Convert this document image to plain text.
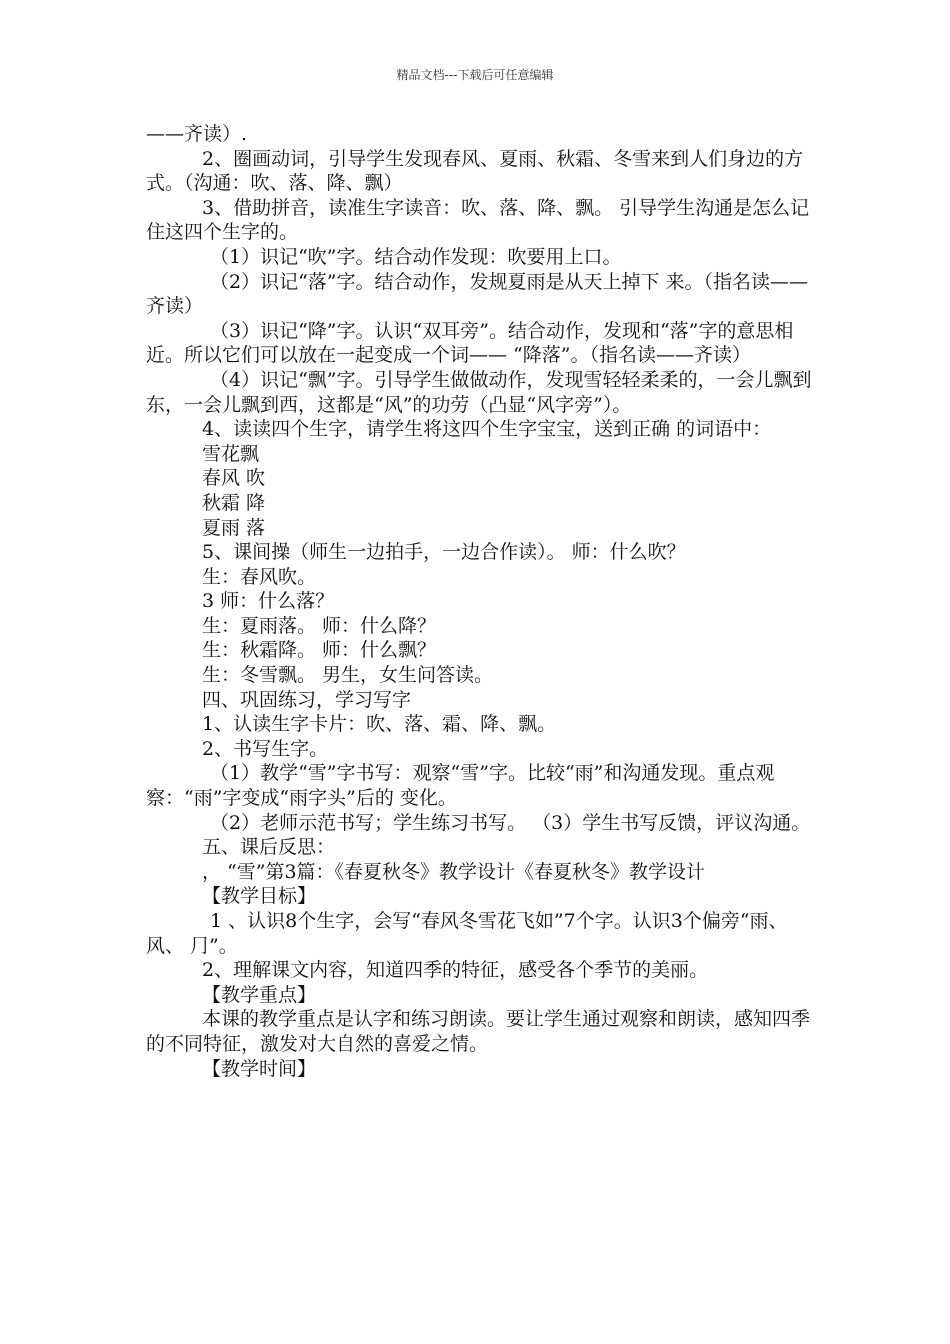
精品文档---下载后可任意编辑

——齐读）.

2、圈画动词，引导学生发现春风、夏雨、秋霜、冬雪来到人们身边的方式。（沟通：吹、落、降、飘）

3、借助拼音，读准生字读音：吹、落、降、飘。 引导学生沟通是怎么记住这四个生字的。

（1）识记“吹”字。结合动作发现：吹要用上口。

（2）识记“落”字。结合动作，发规夏雨是从天上掉下 来。（指名读——齐读）

（3）识记“降”字。认识“双耳旁”。结合动作，发现和“落”字的意思相近。所以它们可以放在一起变成一个词—— “降落”。（指名读——齐读）

（4）识记“飘”字。引导学生做做动作，发现雪轻轻柔柔的，一会儿飘到东，一会儿飘到西，这都是“风”的功劳（凸显“风字旁”）。

4、读读四个生字，请学生将这四个生字宝宝，送到正确 的词语中：

雪花飘

春风 吹

秋霜 降

夏雨 落

5、课间操（师生一边拍手，一边合作读）。 师：什么吹？

生：春风吹。

3 师：什么落？

生：夏雨落。 师：什么降？

生：秋霜降。 师：什么飘？

生：冬雪飘。 男生，女生问答读。

四、巩固练习，学习写字

1、认读生字卡片：吹、落、霜、降、飘。

2、书写生字。

（1）教学“雪”字书写：观察“雪”字。比较“雨”和沟通发现。重点观察：“雨”字变成“雨字头”后的 变化。

（2）老师示范书写；学生练习书写。 （3）学生书写反馈，评议沟通。

五、课后反思：

， “雪”第3篇：《春夏秋冬》教学设计《春夏秋冬》教学设计

【教学目标】

1 、认识8个生字，会写“春风冬雪花飞如”7个字。认识3个偏旁“雨、风、 ⺆”。

2、理解课文内容，知道四季的特征，感受各个季节的美丽。

【教学重点】

本课的教学重点是认字和练习朗读。要让学生通过观察和朗读，感知四季的不同特征，激发对大自然的喜爱之情。

【教学时间】
